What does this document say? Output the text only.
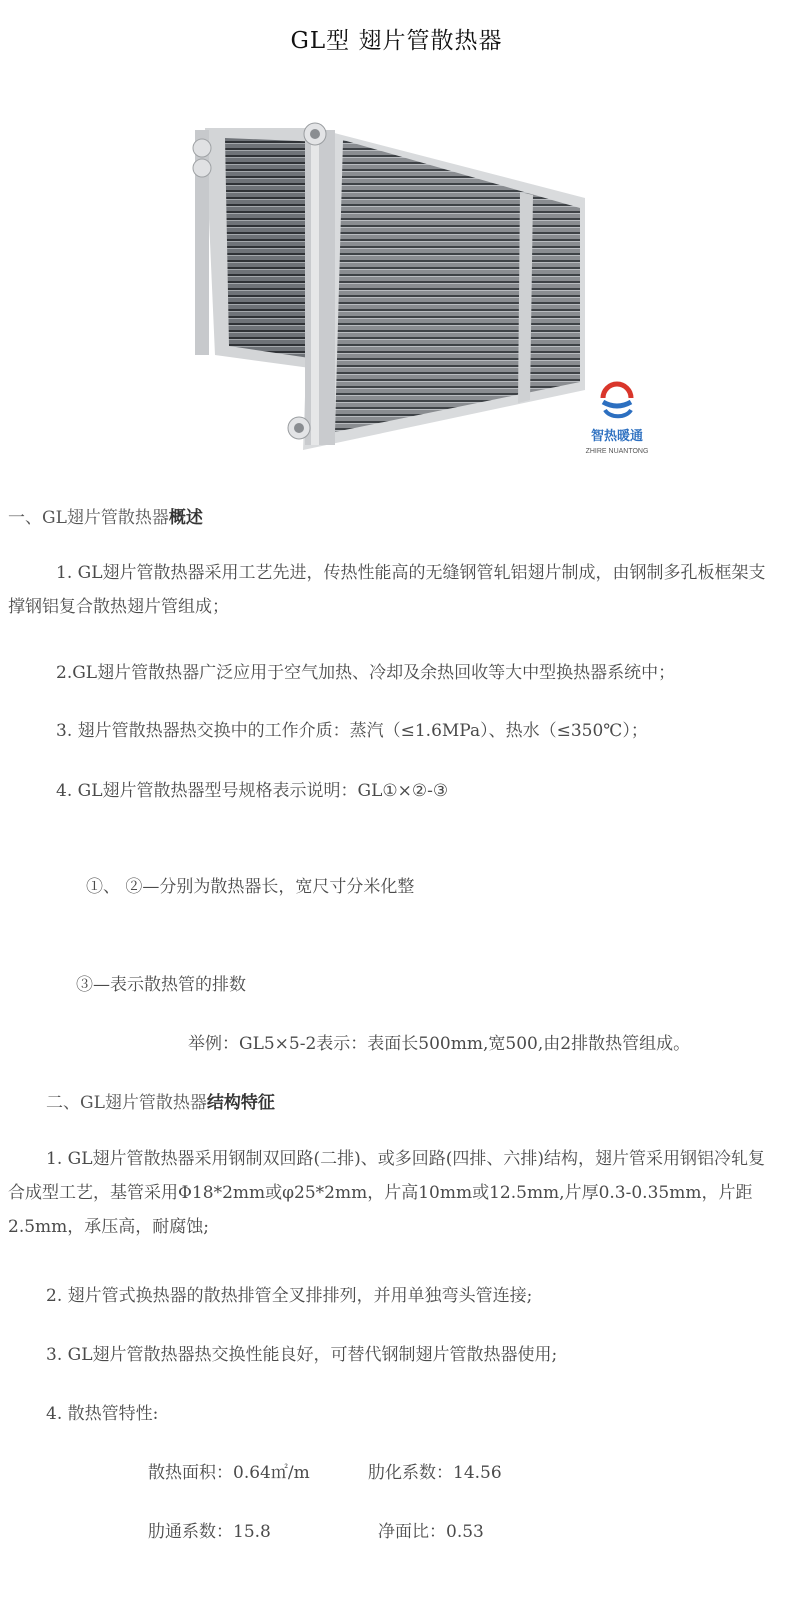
GL型 翅片管散热器
智热暖通
ZHIRE NUANTONG
一、GL翅片管散热器概述
1. GL翅片管散热器采用工艺先进，传热性能高的无缝钢管轧铝翅片制成，由钢制多孔板框架支撑钢铝复合散热翅片管组成；
2.GL翅片管散热器广泛应用于空气加热、冷却及余热回收等大中型换热器系统中；
3. 翅片管散热器热交换中的工作介质：蒸汽（≤1.6MPa）、热水（≤350℃）；
4. GL翅片管散热器型号规格表示说明：GL①×②-③
①、 ②—分别为散热器长，宽尺寸分米化整
③—表示散热管的排数
举例：GL5×5-2表示：表面长500mm,宽500,由2排散热管组成。
二、GL翅片管散热器结构特征
1. GL翅片管散热器采用钢制双回路(二排)、或多回路(四排、六排)结构，翅片管采用钢铝冷轧复合成型工艺，基管采用Φ18*2mm或φ25*2mm，片高10mm或12.5mm,片厚0.3-0.35mm，片距2.5mm，承压高，耐腐蚀;
2. 翅片管式换热器的散热排管全叉排排列，并用单独弯头管连接;
3. GL翅片管散热器热交换性能良好，可替代钢制翅片管散热器使用;
4. 散热管特性:
散热面积：0.64㎡/m	肋化系数：14.56
肋通系数：15.8	净面比：0.53
